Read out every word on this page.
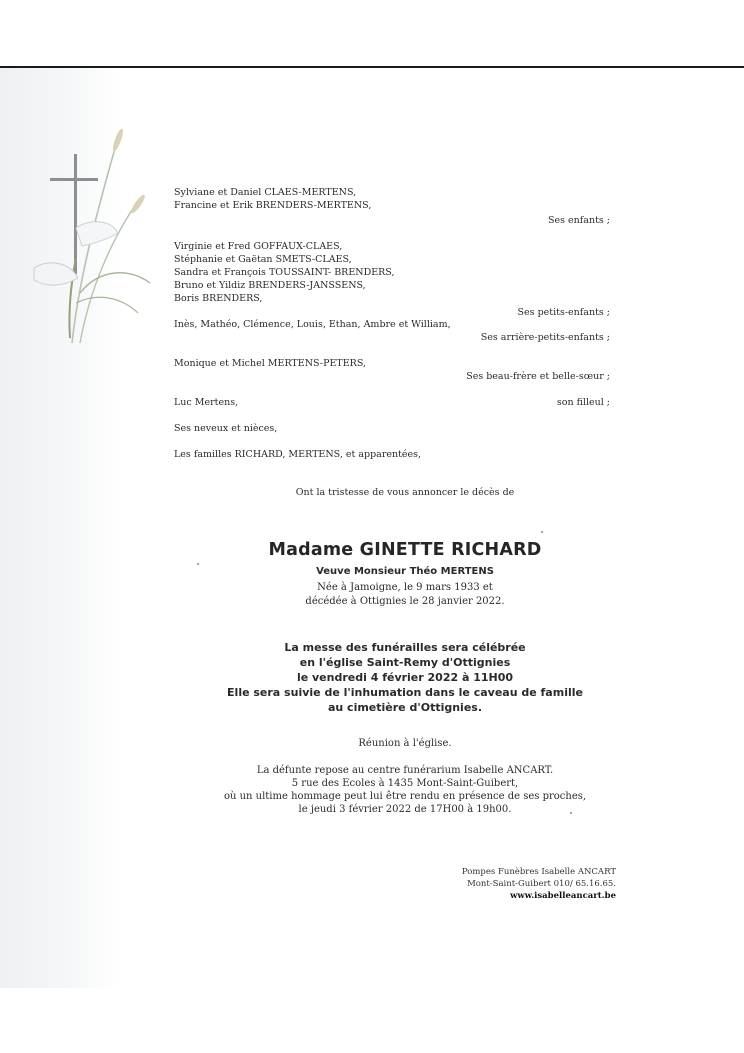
Sylviane et Daniel CLAES-MERTENS,
Francine et Erik BRENDERS-MERTENS,
Ses enfants ;
Virginie et Fred GOFFAUX-CLAES,
Stéphanie et Gaëtan SMETS-CLAES,
Sandra et François TOUSSAINT- BRENDERS,
Bruno et Yildiz BRENDERS-JANSSENS,
Boris BRENDERS,
Ses petits-enfants ;
Inès, Mathéo, Clémence, Louis, Ethan, Ambre et William,
Ses arrière-petits-enfants ;
Monique et Michel MERTENS-PETERS,
Ses beau-frère et belle-sœur ;
Luc Mertens,	son filleul ;
Ses neveux et nièces,
Les familles RICHARD, MERTENS, et apparentées,
Ont la tristesse de vous annoncer le décès de
Madame GINETTE RICHARD
Veuve Monsieur Théo MERTENS
Née à Jamoigne, le 9 mars 1933 et
décédée à Ottignies le 28 janvier 2022.
La messe des funérailles sera célébrée
en l'église Saint-Remy d'Ottignies
le vendredi 4 février 2022 à 11H00
Elle sera suivie de l'inhumation dans le caveau de famille
au cimetière d'Ottignies.
Réunion à l'église.
La défunte repose au centre funérarium Isabelle ANCART.
5 rue des Ecoles à 1435 Mont-Saint-Guibert,
où un ultime hommage peut lui être rendu en présence de ses proches,
le jeudi 3 février 2022 de 17H00 à 19h00.
Pompes Funèbres Isabelle ANCART
Mont-Saint-Guibert 010/ 65.16.65.
www.isabelleancart.be
